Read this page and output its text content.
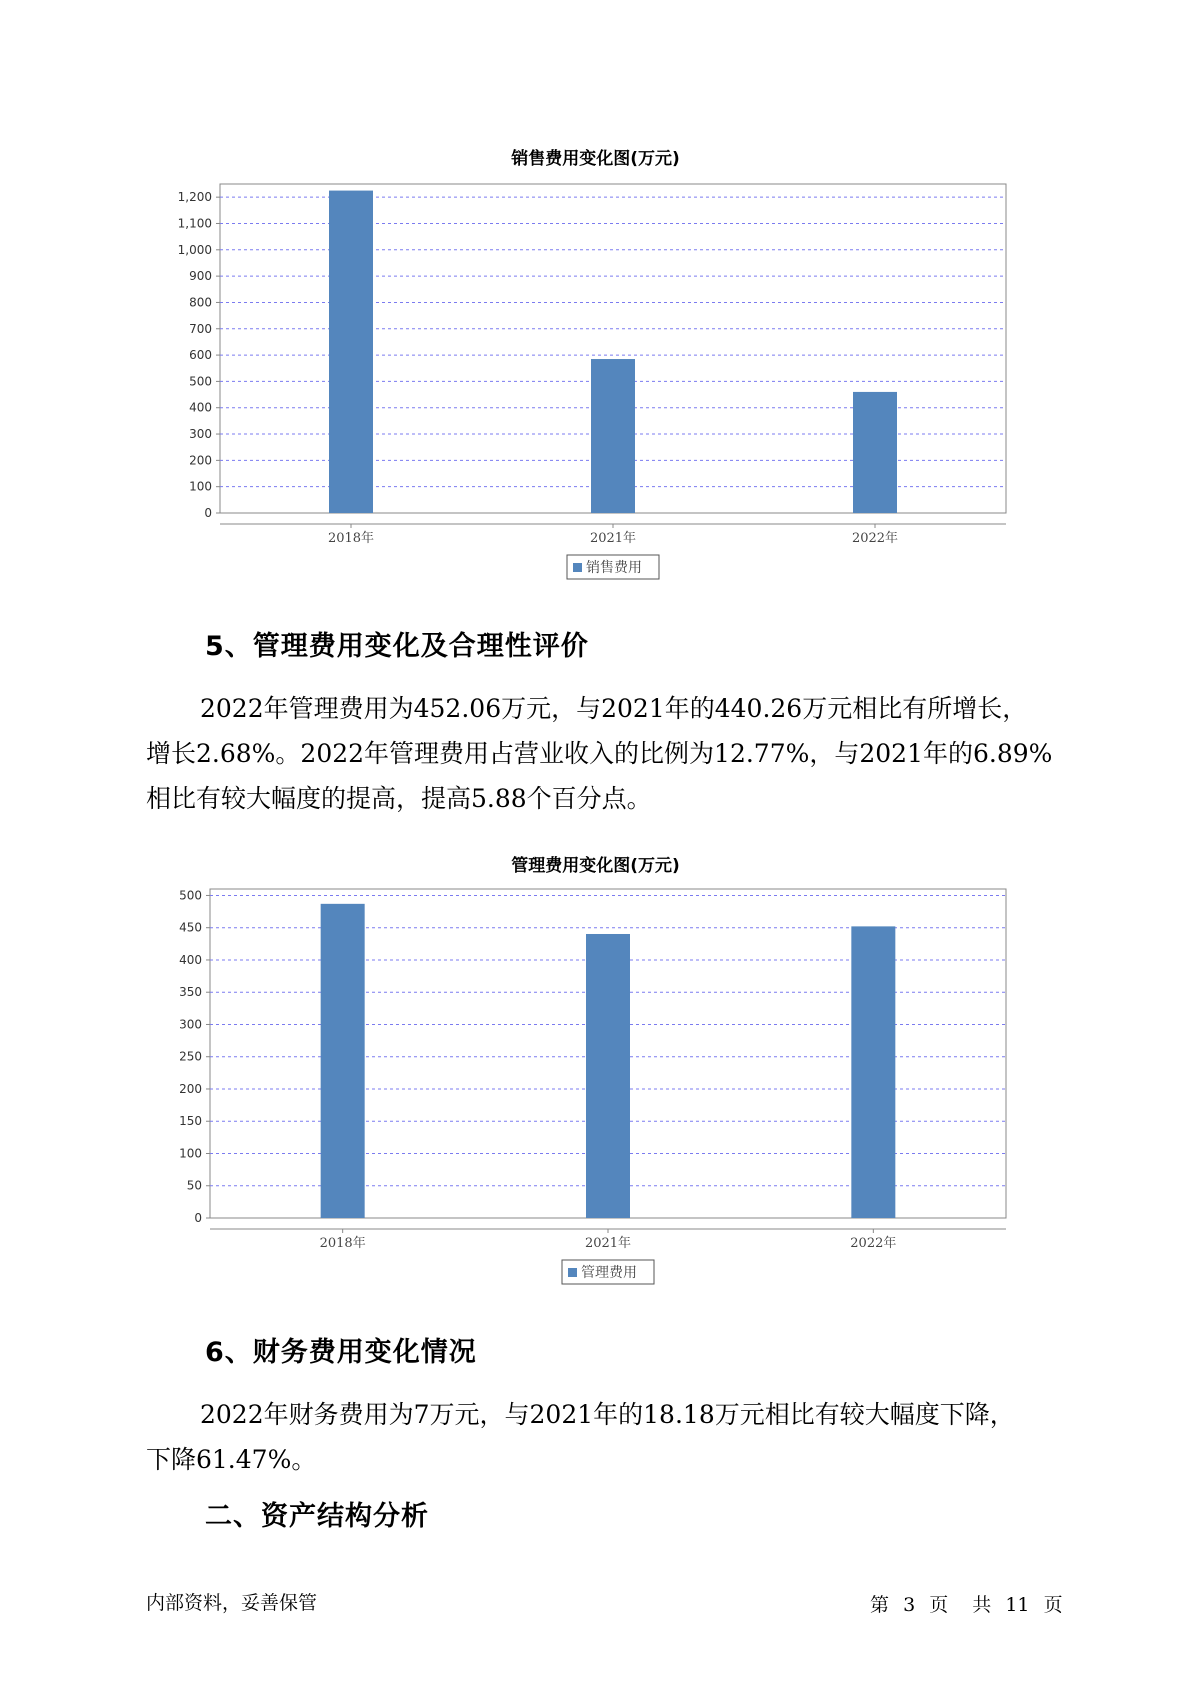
销售费用变化图(万元)
0
100
200
300
400
500
600
700
800
900
1,000
1,100
1,200
2018年	2021年	2022年
销售费用
5、管理费用变化及合理性评价
2022年管理费用为452.06万元，与2021年的440.26万元相比有所增长，
增长2.68%。2022年管理费用占营业收入的比例为12.77%，与2021年的6.89%
相比有较大幅度的提高，提高5.88个百分点。
管理费用变化图(万元)
0
50
100
150
200
250
300
350
400
450
500
2018年	2021年	2022年
管理费用
6、财务费用变化情况
2022年财务费用为7万元，与2021年的18.18万元相比有较大幅度下降，
下降61.47%。
二、资产结构分析
内部资料，妥善保管	第 3 页 共 11 页
